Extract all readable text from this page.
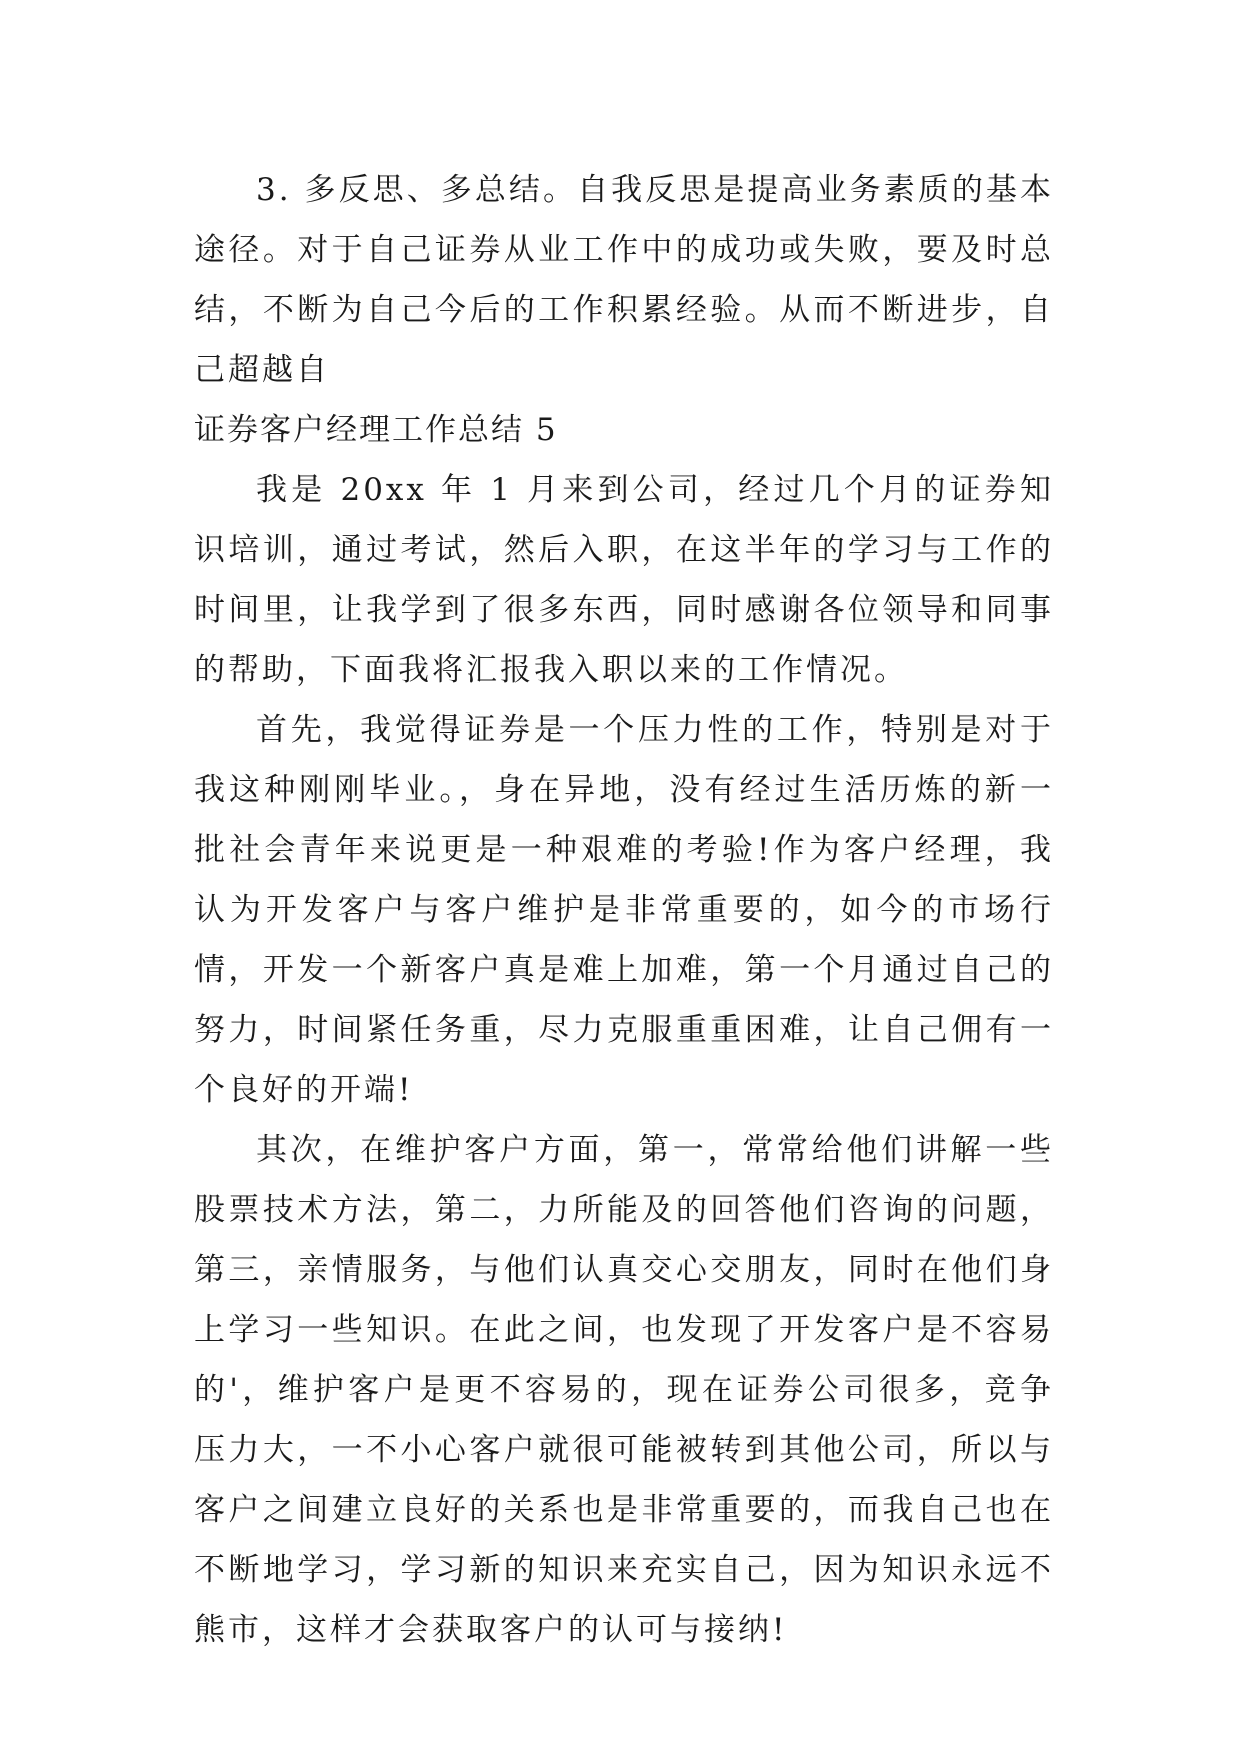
3. 多反思、多总结。自我反思是提高业务素质的基本途径。对于自己证券从业工作中的成功或失败，要及时总结，不断为自己今后的工作积累经验。从而不断进步，自己超越自

证券客户经理工作总结 5

我是 20xx 年 1 月来到公司，经过几个月的证券知识培训，通过考试，然后入职，在这半年的学习与工作的时间里，让我学到了很多东西，同时感谢各位领导和同事的帮助，下面我将汇报我入职以来的工作情况。

首先，我觉得证券是一个压力性的工作，特别是对于我这种刚刚毕业。，身在异地，没有经过生活历炼的新一批社会青年来说更是一种艰难的考验!作为客户经理，我认为开发客户与客户维护是非常重要的，如今的市场行情，开发一个新客户真是难上加难，第一个月通过自己的努力，时间紧任务重，尽力克服重重困难，让自己佣有一个良好的开端!

其次，在维护客户方面，第一，常常给他们讲解一些股票技术方法，第二，力所能及的回答他们咨询的问题，第三，亲情服务，与他们认真交心交朋友，同时在他们身上学习一些知识。在此之间，也发现了开发客户是不容易的'，维护客户是更不容易的，现在证券公司很多，竞争压力大，一不小心客户就很可能被转到其他公司，所以与客户之间建立良好的关系也是非常重要的，而我自己也在不断地学习，学习新的知识来充实自己，因为知识永远不熊市，这样才会获取客户的认可与接纳!
